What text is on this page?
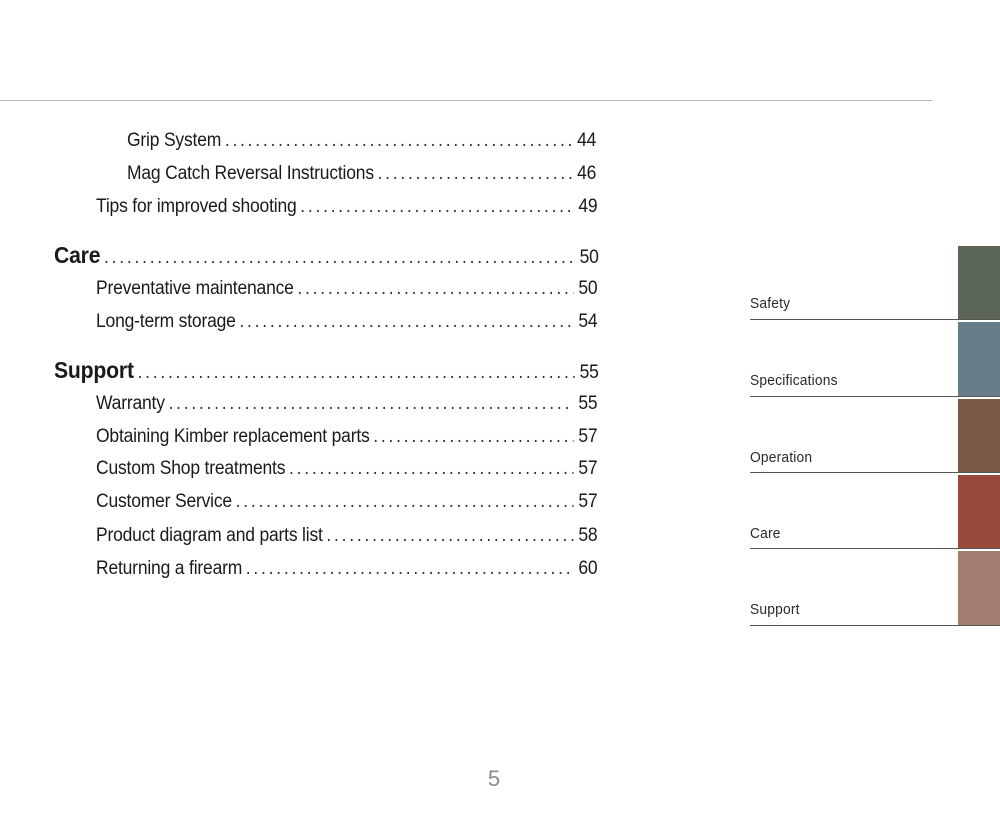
Grip System .....	44
Mag Catch Reversal Instructions .....	46
Tips for improved shooting .....	49
Care .....	50
Preventative maintenance .....	50
Long-term storage .....	54
Support .....	55
Warranty .....	55
Obtaining Kimber replacement parts .....	57
Custom Shop treatments .....	57
Customer Service .....	57
Product diagram and parts list .....	58
Returning a firearm .....	60
Safety
Specifications
Operation
Care
Support
5
